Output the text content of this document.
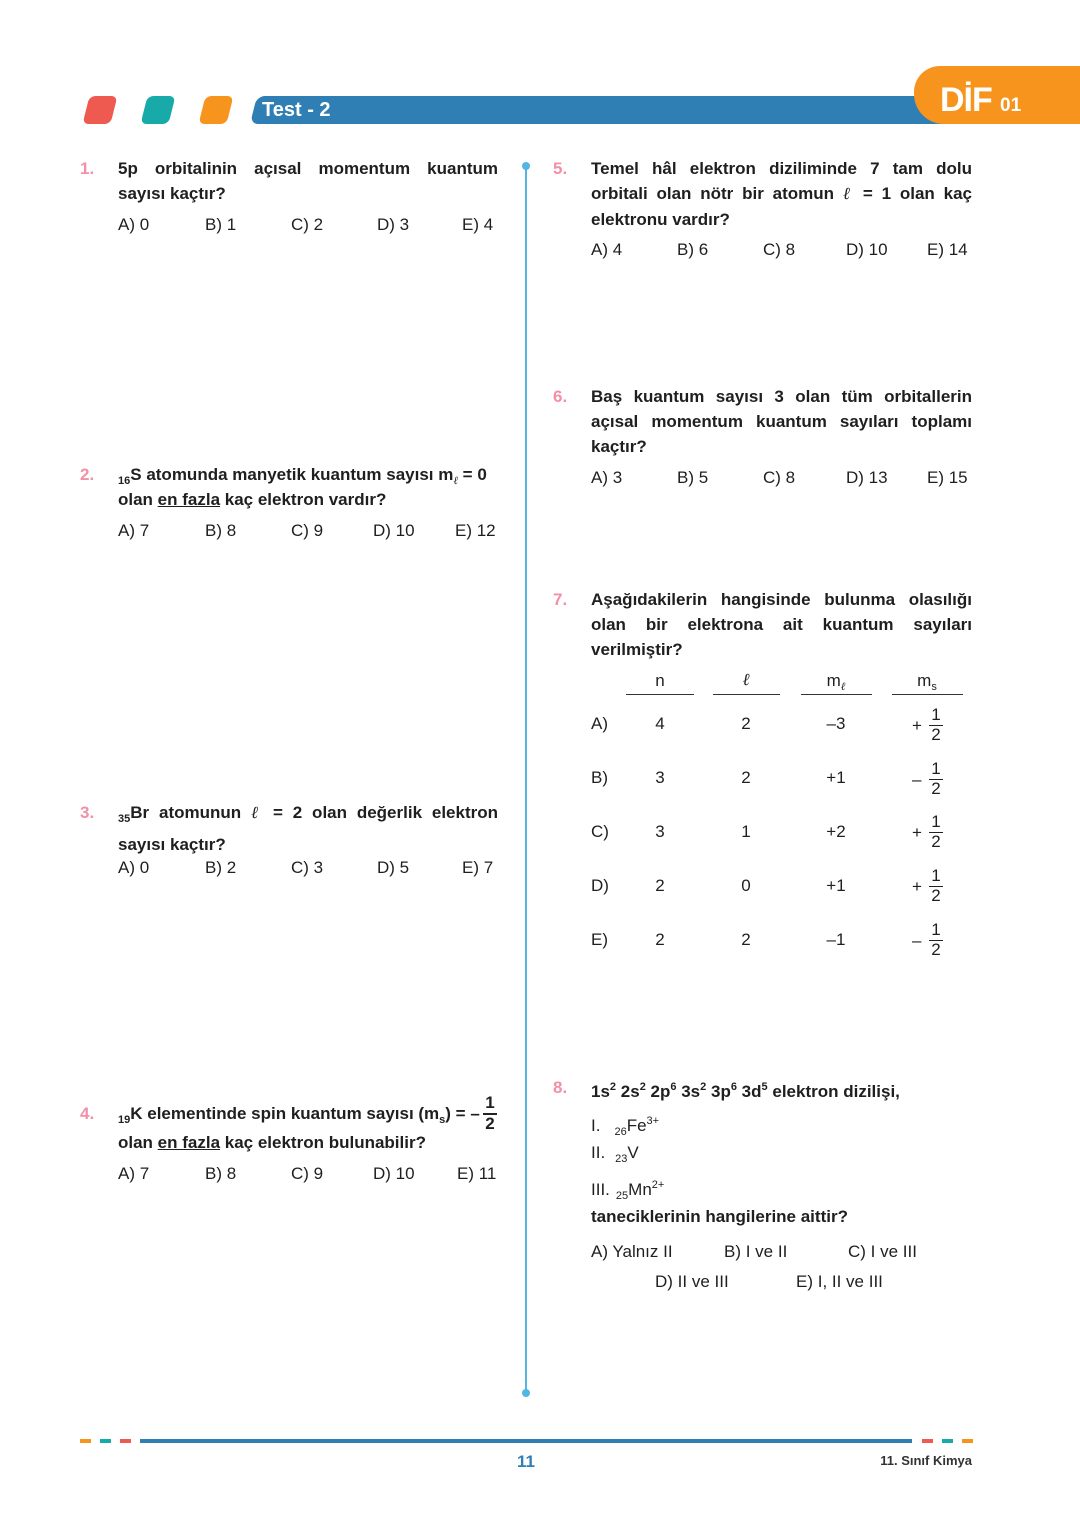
Test - 2	DİF 01
1. 5p orbitalinin açısal momentum kuantum sayısı kaçtır?
A) 0	B) 1	C) 2	D) 3	E) 4
2. $_{16}$S atomunda manyetik kuantum sayısı $m_\ell = 0$
olan en fazla kaç elektron vardır?
A) 7	B) 8	C) 9	D) 10 E) 12
3. $_{35}$Br atomunun ℓ = 2 olan değerlik elektron sayısı kaçtır?
A) 0	B) 2	C) 3	D) 5	E) 7
4. $_{19}$K elementinde spin kuantum sayısı $(m_s)$ = –
1
2
olan en fazla kaç elektron bulunabilir?
A) 7	B) 8	C) 9	D) 10 E) 11
5. Temel hâl elektron diziliminde 7 tam dolu orbitali olan nötr bir atomun ℓ = 1 olan kaç elektronu vardır?
A) 4	B) 6	C) 8	D) 10 E) 14
6. Baş kuantum sayısı 3 olan tüm orbitallerin açısal momentum kuantum sayıları toplamı kaçtır?
A) 3	B) 5	C) 8	D) 13 E) 15
7. Aşağıdakilerin hangisinde bulunma olasılığı olan bir elektrona ait kuantum sayıları verilmiştir?
n	ℓ	$m_\ell$	$m_s$
A)	4	2	–3	+
1
2
B)	3	2	+1	–
1
2
C)	3	1	+2	+
1
2
D)	2	0	+1	+
1
2
E)	2	2	–1	–
1
2
8. $1s^2$ $2s^2$ $2p^6$ $3s^2$ $3p^6$ $3d^5$ elektron dizilişi,
I. $_{26}Fe^{3+}$
II. $_{23}$V
III. $_{25}Mn^{2+}$
taneciklerinin hangilerine aittir?
A) Yalnız II	B) I ve II	C) I ve III
D) II ve III	E) I, II ve III
11	11. Sınıf Kimya
